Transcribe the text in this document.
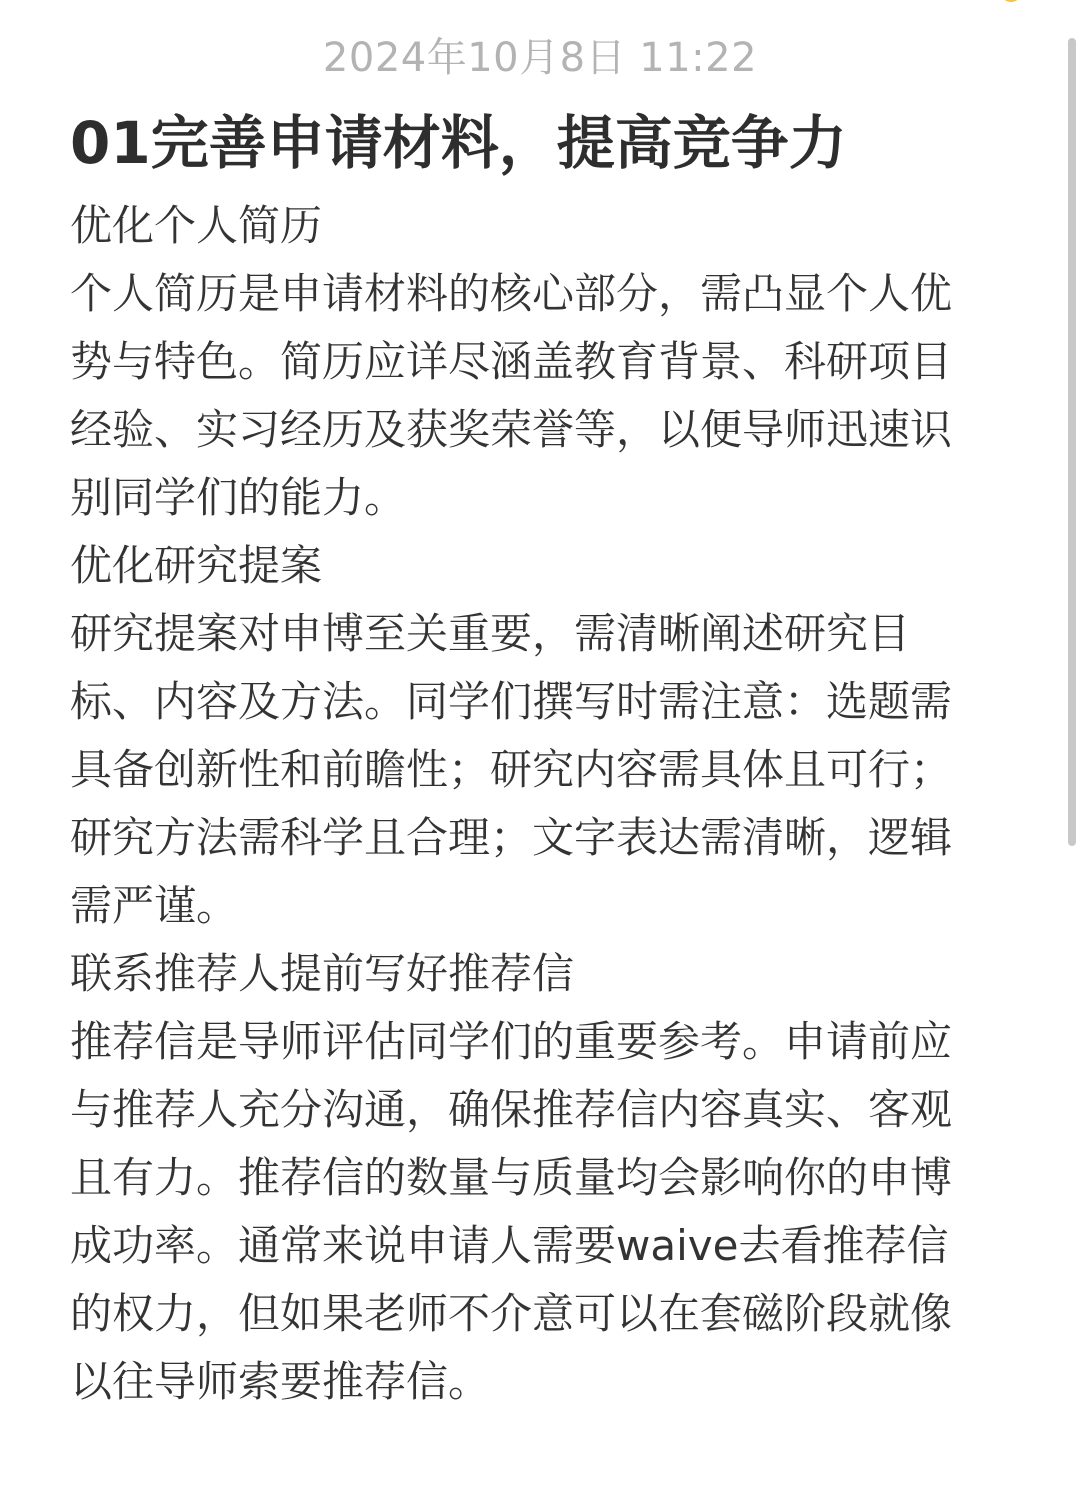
2024年10月8日 11:22
01完善申请材料，提高竞争力

优化个人简历

个人简历是申请材料的核心部分，需凸显个人优势与特色。简历应详尽涵盖教育背景、科研项目经验、实习经历及获奖荣誉等，以便导师迅速识别同学们的能力。

优化研究提案

研究提案对申博至关重要，需清晰阐述研究目标、内容及方法。同学们撰写时需注意：选题需具备创新性和前瞻性；研究内容需具体且可行；研究方法需科学且合理；文字表达需清晰，逻辑需严谨。

联系推荐人提前写好推荐信

推荐信是导师评估同学们的重要参考。申请前应与推荐人充分沟通，确保推荐信内容真实、客观且有力。推荐信的数量与质量均会影响你的申博成功率。通常来说申请人需要waive去看推荐信的权力，但如果老师不介意可以在套磁阶段就像以往导师索要推荐信。
